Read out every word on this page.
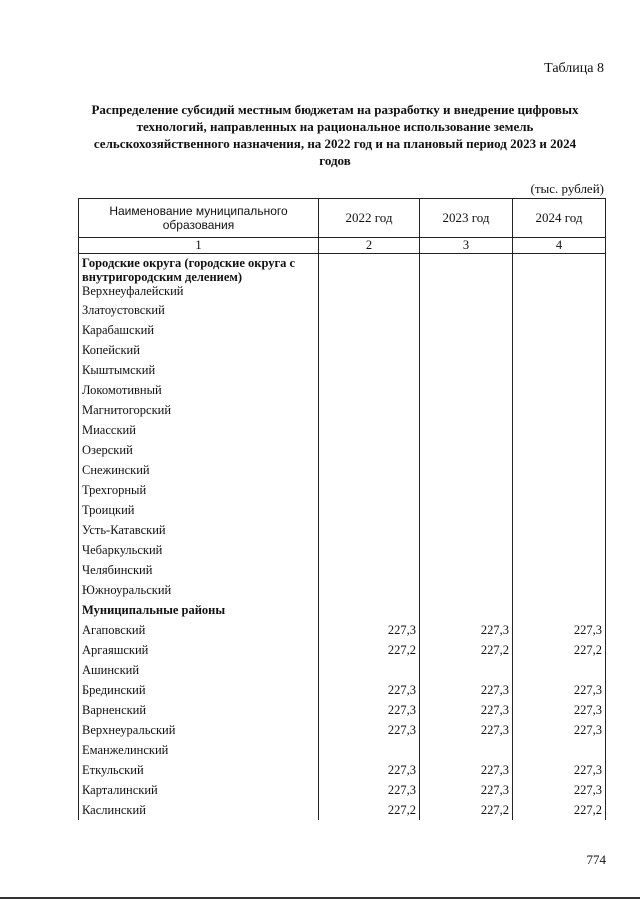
Таблица 8
Распределение субсидий местным бюджетам на разработку и внедрение цифровых технологий, направленных на рациональное использование земель сельскохозяйственного назначения, на 2022 год и на плановый период 2023 и 2024 годов
(тыс. рублей)
Наименование муниципального образования	2022 год	2023 год	2024 год
1	2	3	4
Городские округа (городские округа с внутригородским делением)			
Верхнеуфалейский			
Златоустовский			
Карабашский			
Копейский			
Кыштымский			
Локомотивный			
Магнитогорский			
Миасский			
Озерский			
Снежинский			
Трехгорный			
Троицкий			
Усть-Катавский			
Чебаркульский			
Челябинский			
Южноуральский			
Муниципальные районы			
Агаповский	227,3	227,3	227,3
Аргаяшский	227,2	227,2	227,2
Ашинский			
Брединский	227,3	227,3	227,3
Варненский	227,3	227,3	227,3
Верхнеуральский	227,3	227,3	227,3
Еманжелинский			
Еткульский	227,3	227,3	227,3
Карталинский	227,3	227,3	227,3
Каслинский	227,2	227,2	227,2
774
